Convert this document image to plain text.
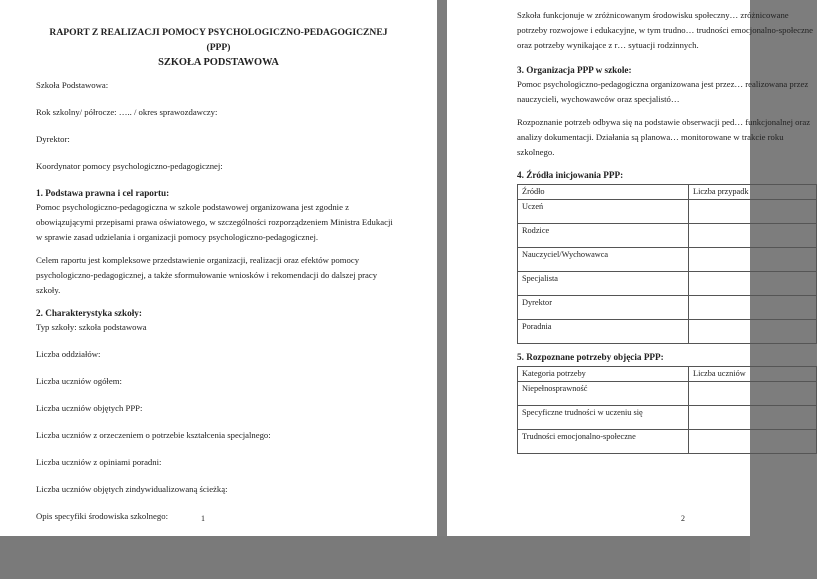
RAPORT Z REALIZACJI POMOCY PSYCHOLOGICZNO-PEDAGOGICZNEJ

(PPP)

SZKOŁA PODSTAWOWA

Szkoła Podstawowa:

Rok szkolny/ półrocze: ….. / okres sprawozdawczy:

Dyrektor:

Koordynator pomocy psychologiczno-pedagogicznej:

1. Podstawa prawna i cel raportu:

Pomoc psychologiczno-pedagogiczna w szkole podstawowej organizowana jest zgodnie z obowiązującymi przepisami prawa oświatowego, w szczególności rozporządzeniem Ministra Edukacji w sprawie zasad udzielania i organizacji pomocy psychologiczno-pedagogicznej.

Celem raportu jest kompleksowe przedstawienie organizacji, realizacji oraz efektów pomocy psychologiczno-pedagogicznej, a także sformułowanie wniosków i rekomendacji do dalszej pracy szkoły.

2. Charakterystyka szkoły:

Typ szkoły: szkoła podstawowa

Liczba oddziałów:

Liczba uczniów ogółem:

Liczba uczniów objętych PPP:

Liczba uczniów z orzeczeniem o potrzebie kształcenia specjalnego:

Liczba uczniów z opiniami poradni:

Liczba uczniów objętych zindywidualizowaną ścieżką:

Opis specyfiki środowiska szkolnego:	1

Szkoła funkcjonuje w zróżnicowanym środowisku społeczny… zróżnicowane potrzeby rozwojowe i edukacyjne, w tym trudno… trudności emocjonalno-społeczne oraz potrzeby wynikające z r… sytuacji rodzinnych.

3. Organizacja PPP w szkole:

Pomoc psychologiczno-pedagogiczna organizowana jest przez… realizowana przez nauczycieli, wychowawców oraz specjalistó…

Rozpoznanie potrzeb odbywa się na podstawie obserwacji ped… funkcjonalnej oraz analizy dokumentacji. Działania są planowa… monitorowane w trakcie roku szkolnego.

4. Źródła inicjowania PPP:

Źródło	Liczba przypadk
Uczeń	
Rodzice	
Nauczyciel/Wychowawca	
Specjalista	
Dyrektor	
Poradnia	

5. Rozpoznane potrzeby objęcia PPP:

Kategoria potrzeby	Liczba uczniów
Niepełnosprawność	
Specyficzne trudności w uczeniu się	
Trudności emocjonalno-społeczne	
2
